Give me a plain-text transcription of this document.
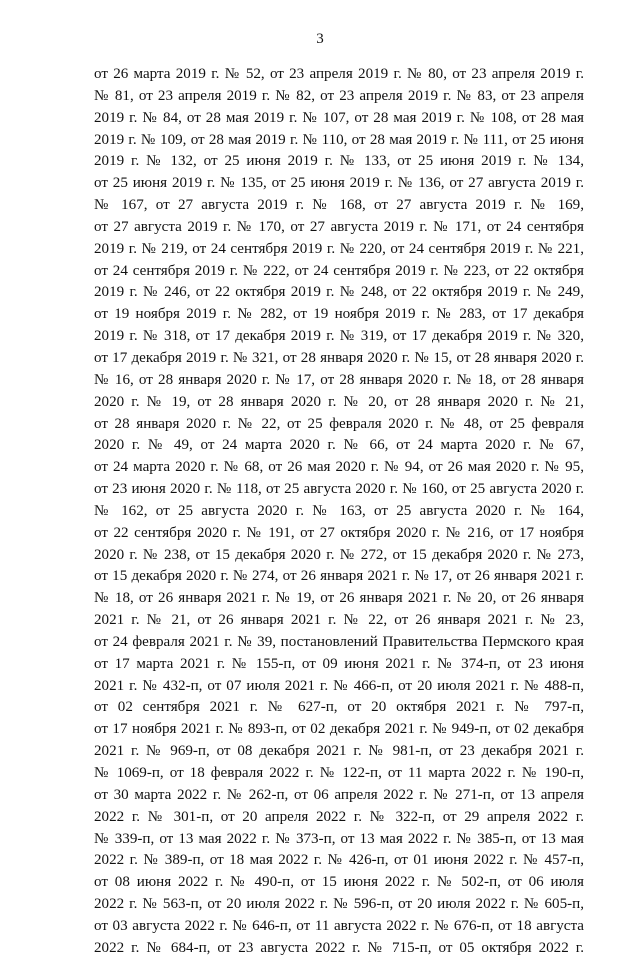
3
от 26 марта 2019 г. № 52, от 23 апреля 2019 г. № 80, от 23 апреля 2019 г.
№ 81, от 23 апреля 2019 г. № 82, от 23 апреля 2019 г. № 83, от 23 апреля
2019 г. № 84, от 28 мая 2019 г. № 107, от 28 мая 2019 г. № 108, от 28 мая
2019 г. № 109, от 28 мая 2019 г. № 110, от 28 мая 2019 г. № 111, от 25 июня
2019 г. № 132, от 25 июня 2019 г. № 133, от 25 июня 2019 г. № 134,
от 25 июня 2019 г. № 135, от 25 июня 2019 г. № 136, от 27 августа 2019 г.
№ 167, от 27 августа 2019 г. № 168, от 27 августа 2019 г. № 169,
от 27 августа 2019 г. № 170, от 27 августа 2019 г. № 171, от 24 сентября
2019 г. № 219, от 24 сентября 2019 г. № 220, от 24 сентября 2019 г. № 221,
от 24 сентября 2019 г. № 222, от 24 сентября 2019 г. № 223, от 22 октября
2019 г. № 246, от 22 октября 2019 г. № 248, от 22 октября 2019 г. № 249,
от 19 ноября 2019 г. № 282, от 19 ноября 2019 г. № 283, от 17 декабря
2019 г. № 318, от 17 декабря 2019 г. № 319, от 17 декабря 2019 г. № 320,
от 17 декабря 2019 г. № 321, от 28 января 2020 г. № 15, от 28 января 2020 г.
№ 16, от 28 января 2020 г. № 17, от 28 января 2020 г. № 18, от 28 января
2020 г. № 19, от 28 января 2020 г. № 20, от 28 января 2020 г. № 21,
от 28 января 2020 г. № 22, от 25 февраля 2020 г. № 48, от 25 февраля
2020 г. № 49, от 24 марта 2020 г. № 66, от 24 марта 2020 г. № 67,
от 24 марта 2020 г. № 68, от 26 мая 2020 г. № 94, от 26 мая 2020 г. № 95,
от 23 июня 2020 г. № 118, от 25 августа 2020 г. № 160, от 25 августа 2020 г.
№ 162, от 25 августа 2020 г. № 163, от 25 августа 2020 г. № 164,
от 22 сентября 2020 г. № 191, от 27 октября 2020 г. № 216, от 17 ноября
2020 г. № 238, от 15 декабря 2020 г. № 272, от 15 декабря 2020 г. № 273,
от 15 декабря 2020 г. № 274, от 26 января 2021 г. № 17, от 26 января 2021 г.
№ 18, от 26 января 2021 г. № 19, от 26 января 2021 г. № 20, от 26 января
2021 г. № 21, от 26 января 2021 г. № 22, от 26 января 2021 г. № 23,
от 24 февраля 2021 г. № 39, постановлений Правительства Пермского края
от 17 марта 2021 г. № 155-п, от 09 июня 2021 г. № 374-п, от 23 июня
2021 г. № 432-п, от 07 июля 2021 г. № 466-п, от 20 июля 2021 г. № 488-п,
от 02 сентября 2021 г. № 627-п, от 20 октября 2021 г. № 797-п,
от 17 ноября 2021 г. № 893-п, от 02 декабря 2021 г. № 949-п, от 02 декабря
2021 г. № 969-п, от 08 декабря 2021 г. № 981-п, от 23 декабря 2021 г.
№ 1069-п, от 18 февраля 2022 г. № 122-п, от 11 марта 2022 г. № 190-п,
от 30 марта 2022 г. № 262-п, от 06 апреля 2022 г. № 271-п, от 13 апреля
2022 г. № 301-п, от 20 апреля 2022 г. № 322-п, от 29 апреля 2022 г.
№ 339-п, от 13 мая 2022 г. № 373-п, от 13 мая 2022 г. № 385-п, от 13 мая
2022 г. № 389-п, от 18 мая 2022 г. № 426-п, от 01 июня 2022 г. № 457-п,
от 08 июня 2022 г. № 490-п, от 15 июня 2022 г. № 502-п, от 06 июля
2022 г. № 563-п, от 20 июля 2022 г. № 596-п, от 20 июля 2022 г. № 605-п,
от 03 августа 2022 г. № 646-п, от 11 августа 2022 г. № 676-п, от 18 августа
2022 г. № 684-п, от 23 августа 2022 г. № 715-п, от 05 октября 2022 г.
